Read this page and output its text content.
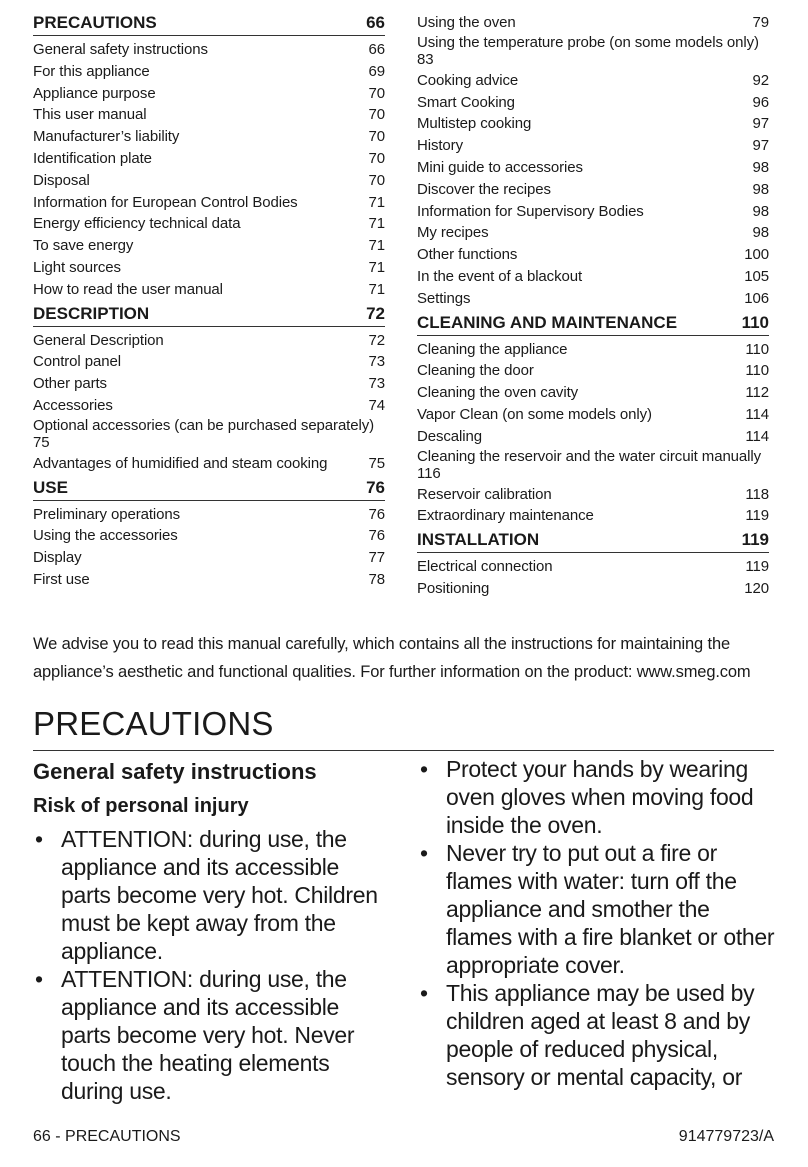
PRECAUTIONS	66
General safety instructions	66
For this appliance	69
Appliance purpose	70
This user manual	70
Manufacturer’s liability	70
Identification plate	70
Disposal	70
Information for European Control Bodies	71
Energy efficiency technical data	71
To save energy	71
Light sources	71
How to read the user manual	71
DESCRIPTION	72
General Description	72
Control panel	73
Other parts	73
Accessories	74
Optional accessories (can be purchased separately)
75
Advantages of humidified and steam cooking	75
USE	76
Preliminary operations	76
Using the accessories	76
Display	77
First use	78
Using the oven	79
Using the temperature probe (on some models only)
83
Cooking advice	92
Smart Cooking	96
Multistep cooking	97
History	97
Mini guide to accessories	98
Discover the recipes	98
Information for Supervisory Bodies	98
My recipes	98
Other functions	100
In the event of a blackout	105
Settings	106
CLEANING AND MAINTENANCE	110
Cleaning the appliance	110
Cleaning the door	110
Cleaning the oven cavity	112
Vapor Clean (on some models only)	114
Descaling	114
Cleaning the reservoir and the water circuit manually
116
Reservoir calibration	118
Extraordinary maintenance	119
INSTALLATION	119
Electrical connection	119
Positioning	120
We advise you to read this manual carefully, which contains all the instructions for maintaining the appliance’s aesthetic and functional qualities. For further information on the product: www.smeg.com
PRECAUTIONS
General safety instructions
Risk of personal injury
• ATTENTION: during use, the appliance and its accessible parts become very hot. Children must be kept away from the appliance.
• ATTENTION: during use, the appliance and its accessible parts become very hot. Never touch the heating elements during use.
• Protect your hands by wearing oven gloves when moving food inside the oven.
• Never try to put out a fire or flames with water: turn off the appliance and smother the flames with a fire blanket or other appropriate cover.
• This appliance may be used by children aged at least 8 and by people of reduced physical, sensory or mental capacity, or
66 - PRECAUTIONS	914779723/A
